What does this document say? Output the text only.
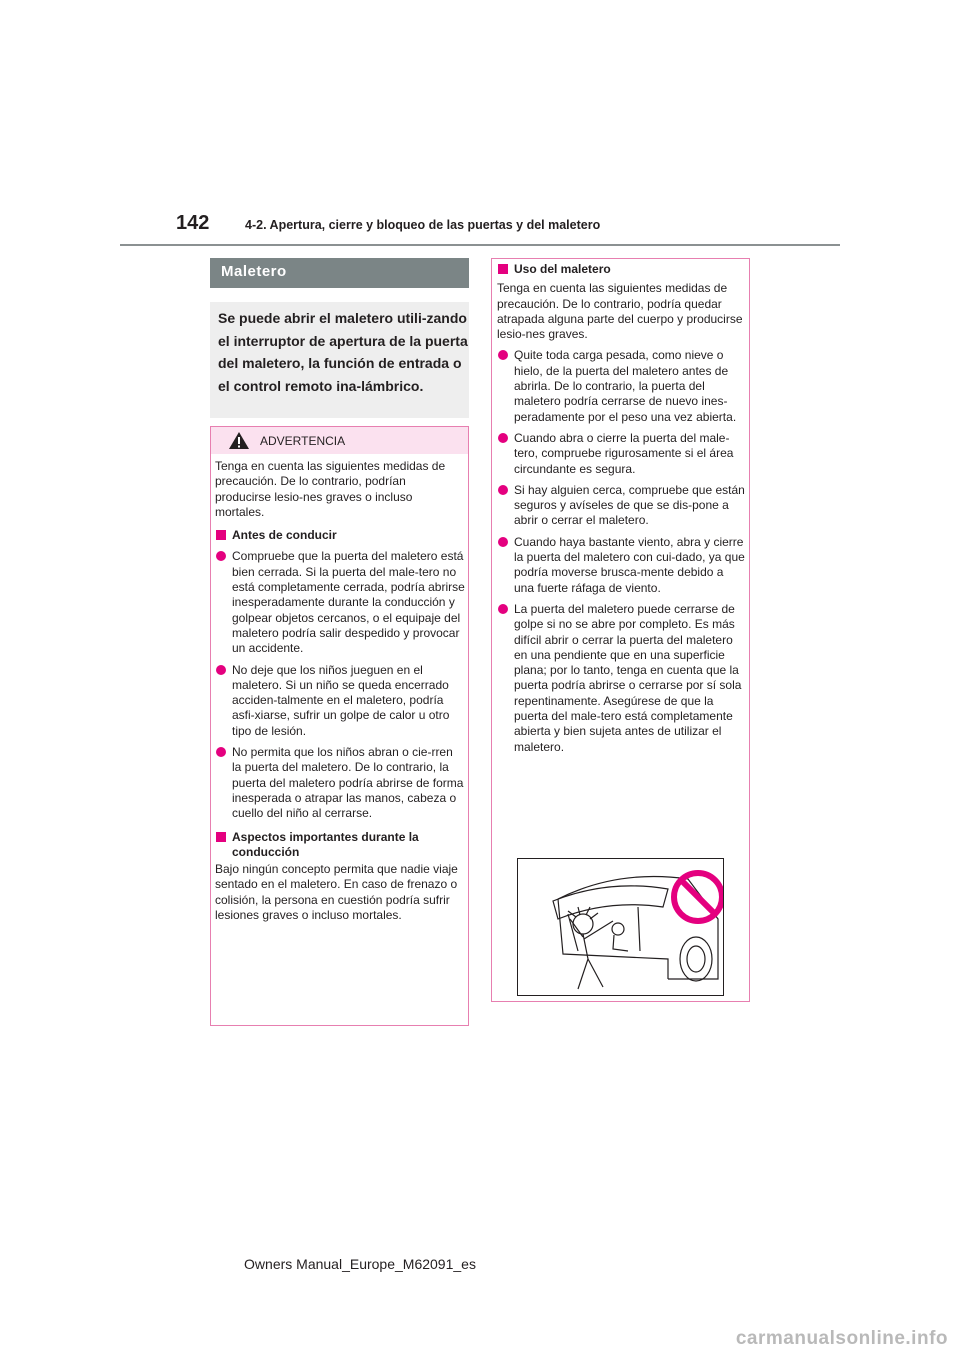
142	4-2. Apertura, cierre y bloqueo de las puertas y del maletero
Maletero
Se puede abrir el maletero utili-zando el interruptor de apertura de la puerta del maletero, la función de entrada o el control remoto ina-lámbrico.
ADVERTENCIA

Tenga en cuenta las siguientes medidas de precaución. De lo contrario, podrían producirse lesio-nes graves o incluso mortales.

Antes de conducir

Compruebe que la puerta del maletero está bien cerrada. Si la puerta del male-tero no está completamente cerrada, podría abrirse inesperadamente durante la conducción y golpear objetos cercanos, o el equipaje del maletero podría salir despedido y provocar un accidente.

No deje que los niños jueguen en el maletero. Si un niño se queda encerrado acciden-talmente en el maletero, podría asfi-xiarse, sufrir un golpe de calor u otro tipo de lesión.

No permita que los niños abran o cie-rren la puerta del maletero. De lo contrario, la puerta del maletero podría abrirse de forma inesperada o atrapar las manos, cabeza o cuello del niño al cerrarse.

Aspectos importantes durante la conducción

Bajo ningún concepto permita que nadie viaje sentado en el maletero. En caso de frenazo o colisión, la persona en cuestión podría sufrir lesiones graves o incluso mortales.

Uso del maletero

Tenga en cuenta las siguientes medidas de precaución. De lo contrario, podría quedar atrapada alguna parte del cuerpo y producirse lesio-nes graves.

Quite toda carga pesada, como nieve o hielo, de la puerta del maletero antes de abrirla. De lo contrario, la puerta del maletero podría cerrarse de nuevo ines-peradamente por el peso una vez abierta.

Cuando abra o cierre la puerta del male-tero, compruebe rigurosamente si el área circundante es segura.

Si hay alguien cerca, compruebe que están seguros y avíseles de que se dis-pone a abrir o cerrar el maletero.

Cuando haya bastante viento, abra y cierre la puerta del maletero con cui-dado, ya que podría moverse brusca-mente debido a una fuerte ráfaga de viento.

La puerta del maletero puede cerrarse de golpe si no se abre por completo. Es más difícil abrir o cerrar la puerta del maletero en una pendiente que en una superficie plana; por lo tanto, tenga en cuenta que la puerta podría abrirse o cerrarse por sí sola repentinamente. Asegúrese de que la puerta del male-tero está completamente abierta y bien sujeta antes de utilizar el maletero.

Owners Manual_Europe_M62091_es
carmanualsonline.info
